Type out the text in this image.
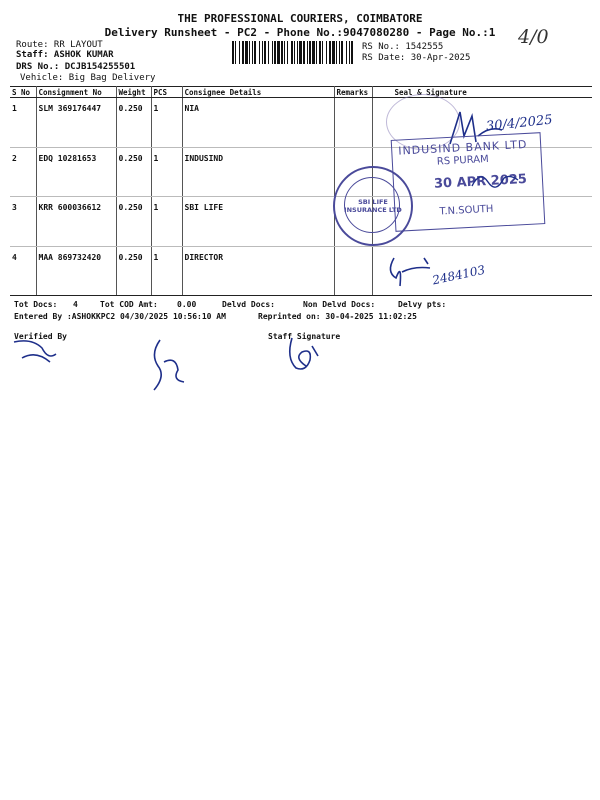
THE PROFESSIONAL COURIERS, COIMBATORE
Delivery Runsheet - PC2 - Phone No.:9047080280 - Page No.:1
Route: RR LAYOUT
Staff: ASHOK KUMAR
DRS No.: DCJB154255501
Vehicle: Big Bag Delivery
RS No.: 1542555
RS Date: 30-Apr-2025
4/0
S No	Consignment No	Weight	PCS	Consignee Details	Remarks	Seal & Signature
1	SLM 369176447	0.250	1	NIA		
2	EDQ 10281653	0.250	1	INDUSIND		
3	KRR 600036612	0.250	1	SBI LIFE		
4	MAA 869732420	0.250	1	DIRECTOR		
30/4/2025
INDUSIND BANK LTD
RS PURAM
30 APR 2025
T.N.SOUTH
SBI LIFE INSURANCE LTD
2484103
Tot Docs: 4	Tot COD Amt: 0.00	Delvd Docs:	Non Delvd Docs:	Delvy pts:
Entered By :ASHOKKPC2 04/30/2025 10:56:10 AM	Reprinted on: 30-04-2025 11:02:25
Verified By	Staff Signature
